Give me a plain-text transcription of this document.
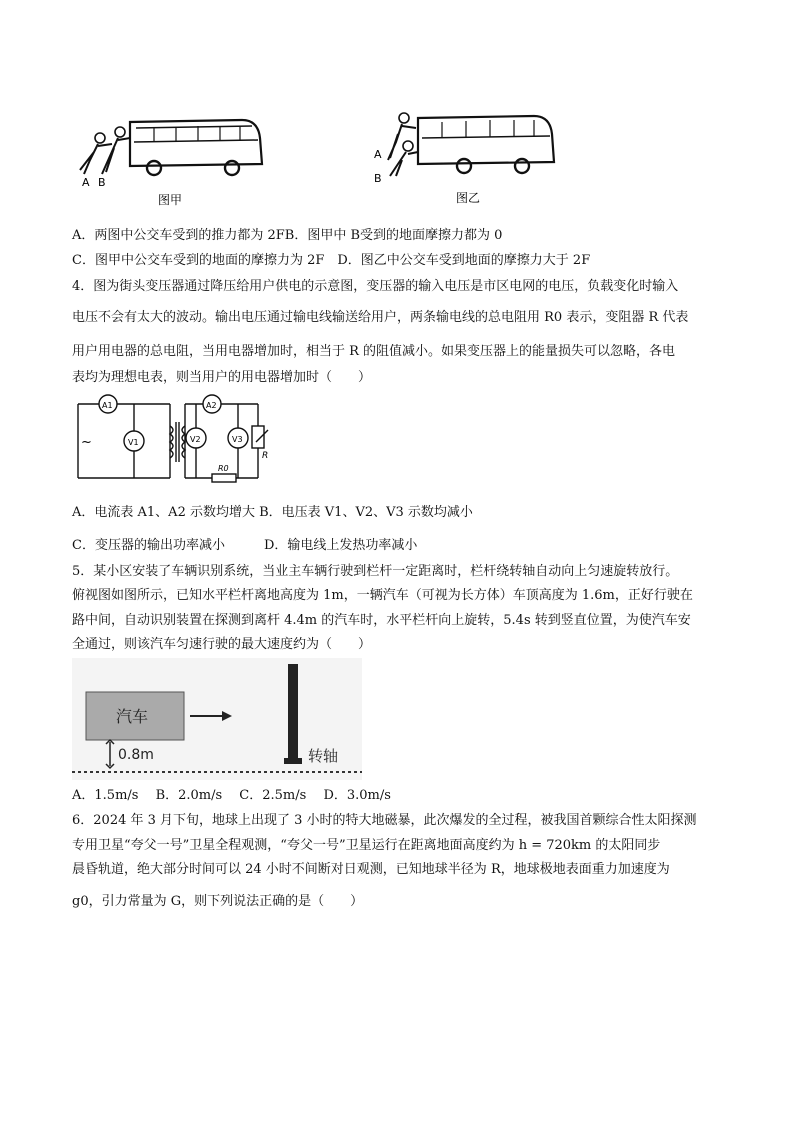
A B
图甲
A
B
图乙
A．两图中公交车受到的推力都为 2FB．图甲中 B受到的地面摩擦力都为 0
C．图甲中公交车受到的地面的摩擦力为 2F　D．图乙中公交车受到地面的摩擦力大于 2F
4．图为街头变压器通过降压给用户供电的示意图，变压器的输入电压是市区电网的电压，负载变化时输入
电压不会有太大的波动。输出电压通过输电线输送给用户，两条输电线的总电阻用 R0 表示，变阻器 R 代表
用户用电器的总电阻，当用电器增加时，相当于 R 的阻值减小。如果变压器上的能量损失可以忽略，各电
表均为理想电表，则当用户的用电器增加时（　　）
~
A1	A2
V1	V2	V3
R
R0
A．电流表 A1、A2 示数均增大 B．电压表 V1、V2、V3 示数均减小
C．变压器的输出功率减小　　　D．输电线上发热功率减小
5．某小区安装了车辆识别系统，当业主车辆行驶到栏杆一定距离时，栏杆绕转轴自动向上匀速旋转放行。
俯视图如图所示，已知水平栏杆离地高度为 1m，一辆汽车（可视为长方体）车顶高度为 1.6m，正好行驶在
路中间，自动识别装置在探测到离杆 4.4m 的汽车时，水平栏杆向上旋转，5.4s 转到竖直位置，为使汽车安
全通过，则该汽车匀速行驶的最大速度约为（　　）
汽车
0.8m	转轴
A．1.5m/s　 B．2.0m/s　 C．2.5m/s　 D．3.0m/s
6．2024 年 3 月下旬，地球上出现了 3 小时的特大地磁暴，此次爆发的全过程，被我国首颗综合性太阳探测
专用卫星“夸父一号”卫星全程观测，“夸父一号”卫星运行在距离地面高度约为 h = 720km 的太阳同步
晨昏轨道，绝大部分时间可以 24 小时不间断对日观测，已知地球半径为 R，地球极地表面重力加速度为
g0，引力常量为 G，则下列说法正确的是（　　）
